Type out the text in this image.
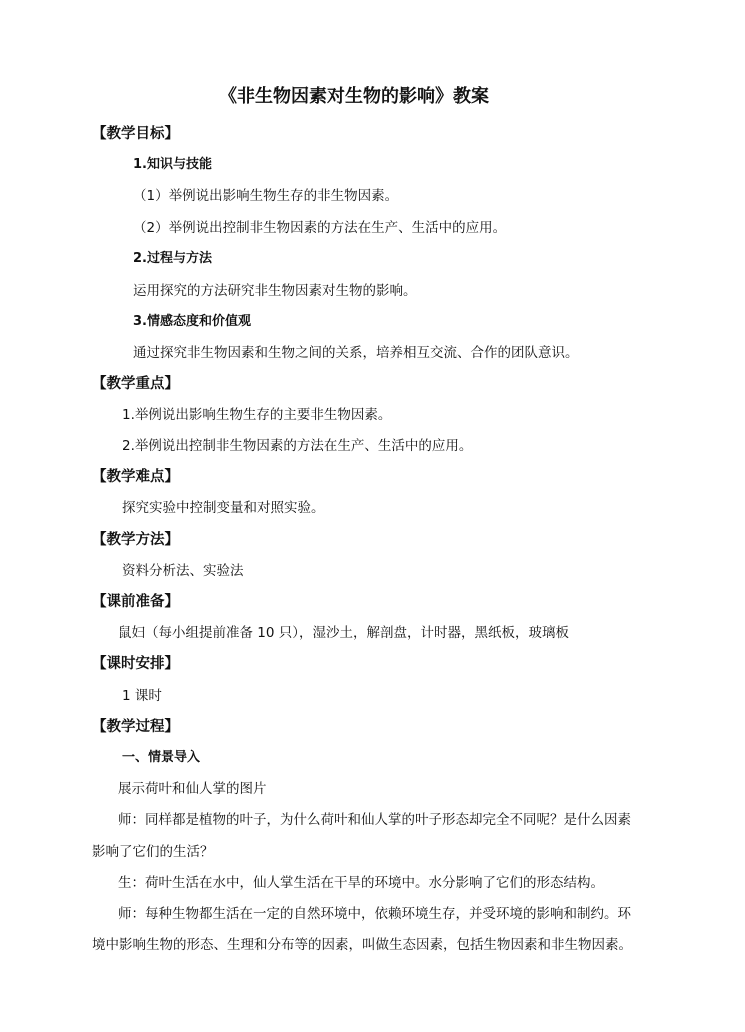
《非生物因素对生物的影响》教案
【教学目标】
1.知识与技能
（1）举例说出影响生物生存的非生物因素。
（2）举例说出控制非生物因素的方法在生产、生活中的应用。
2.过程与方法
运用探究的方法研究非生物因素对生物的影响。
3.情感态度和价值观
通过探究非生物因素和生物之间的关系，培养相互交流、合作的团队意识。
【教学重点】
1.举例说出影响生物生存的主要非生物因素。
2.举例说出控制非生物因素的方法在生产、生活中的应用。
【教学难点】
探究实验中控制变量和对照实验。
【教学方法】
资料分析法、实验法
【课前准备】
鼠妇（每小组提前准备 10 只），湿沙土，解剖盘，计时器，黑纸板，玻璃板
【课时安排】
1 课时
【教学过程】
一、情景导入
展示荷叶和仙人掌的图片
师：同样都是植物的叶子，为什么荷叶和仙人掌的叶子形态却完全不同呢？是什么因素
影响了它们的生活？
生：荷叶生活在水中，仙人掌生活在干旱的环境中。水分影响了它们的形态结构。
师：每种生物都生活在一定的自然环境中，依赖环境生存，并受环境的影响和制约。环
境中影响生物的形态、生理和分布等的因素，叫做生态因素，包括生物因素和非生物因素。
